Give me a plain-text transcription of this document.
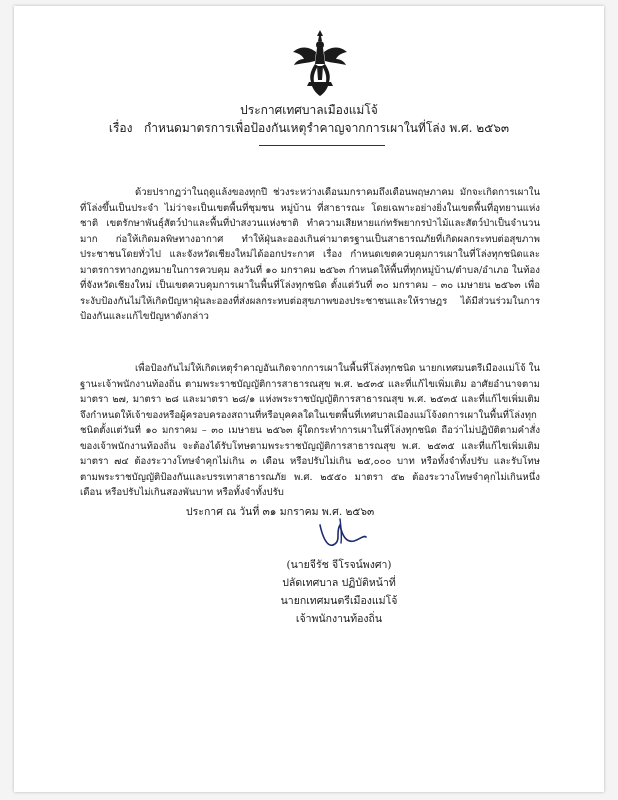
ประกาศเทศบาลเมืองแม่โจ้
เรื่อง กำหนดมาตรการเพื่อป้องกันเหตุรำคาญจากการเผาในที่โล่ง พ.ศ. ๒๕๖๓
ด้วยปรากฏว่าในฤดูแล้งของทุกปี ช่วงระหว่างเดือนมกราคมถึงเดือนพฤษภาคม มักจะเกิดการเผาในที่โล่งขึ้นเป็นประจำ ไม่ว่าจะเป็นเขตพื้นที่ชุมชน หมู่บ้าน ที่สาธารณะ โดยเฉพาะอย่างยิ่งในเขตพื้นที่อุทยานแห่งชาติ เขตรักษาพันธุ์สัตว์ป่าและพื้นที่ป่าสงวนแห่งชาติ ทำความเสียหายแก่ทรัพยากรป่าไม้และสัตว์ป่าเป็นจำนวนมาก ก่อให้เกิดมลพิษทางอากาศ ทำให้ฝุ่นละอองเกินค่ามาตรฐานเป็นสาธารณภัยที่เกิดผลกระทบต่อสุขภาพประชาชนโดยทั่วไป และจังหวัดเชียงใหม่ได้ออกประกาศ เรื่อง กำหนดเขตควบคุมการเผาในที่โล่งทุกชนิดและมาตรการทางกฎหมายในการควบคุม ลงวันที่ ๑๐ มกราคม ๒๕๖๓ กำหนดให้พื้นที่ทุกหมู่บ้าน/ตำบล/อำเภอ ในท้องที่จังหวัดเชียงใหม่ เป็นเขตควบคุมการเผาในพื้นที่โล่งทุกชนิด ตั้งแต่วันที่ ๓๐ มกราคม – ๓๐ เมษายน ๒๕๖๓ เพื่อระงับป้องกันไม่ให้เกิดปัญหาฝุ่นละอองที่ส่งผลกระทบต่อสุขภาพของประชาชนและให้ราษฎร ได้มีส่วนร่วมในการป้องกันและแก้ไขปัญหาดังกล่าว
เพื่อป้องกันไม่ให้เกิดเหตุรำคาญอันเกิดจากการเผาในพื้นที่โล่งทุกชนิด นายกเทศมนตรีเมืองแม่โจ้ ในฐานะเจ้าพนักงานท้องถิ่น ตามพระราชบัญญัติการสาธารณสุข พ.ศ. ๒๕๓๕ และที่แก้ไขเพิ่มเติม อาศัยอำนาจตามมาตรา ๒๗, มาตรา ๒๘ และมาตรา ๒๘/๑ แห่งพระราชบัญญัติการสาธารณสุข พ.ศ. ๒๕๓๕ และที่แก้ไขเพิ่มเติม จึงกำหนดให้เจ้าของหรือผู้ครอบครองสถานที่หรือบุคคลใดในเขตพื้นที่เทศบาลเมืองแม่โจ้งดการเผาในพื้นที่โล่งทุกชนิดตั้งแต่วันที่ ๑๐ มกราคม – ๓๐ เมษายน ๒๕๖๓ ผู้ใดกระทำการเผาในที่โล่งทุกชนิด ถือว่าไม่ปฏิบัติตามคำสั่งของเจ้าพนักงานท้องถิ่น จะต้องได้รับโทษตามพระราชบัญญัติการสาธารณสุข พ.ศ. ๒๕๓๕ และที่แก้ไขเพิ่มเติม มาตรา ๗๔ ต้องระวางโทษจำคุกไม่เกิน ๓ เดือน หรือปรับไม่เกิน ๒๕,๐๐๐ บาท หรือทั้งจำทั้งปรับ และรับโทษตามพระราชบัญญัติป้องกันและบรรเทาสาธารณภัย พ.ศ. ๒๕๕๐ มาตรา ๕๒ ต้องระวางโทษจำคุกไม่เกินหนึ่ง เดือน หรือปรับไม่เกินสองพันบาท หรือทั้งจำทั้งปรับ
ประกาศ ณ วันที่ ๓๑ มกราคม พ.ศ. ๒๕๖๓
(นายจีรัช จีโรจน์พงศา)
ปลัดเทศบาล ปฏิบัติหน้าที่
นายกเทศมนตรีเมืองแม่โจ้
เจ้าพนักงานท้องถิ่น
